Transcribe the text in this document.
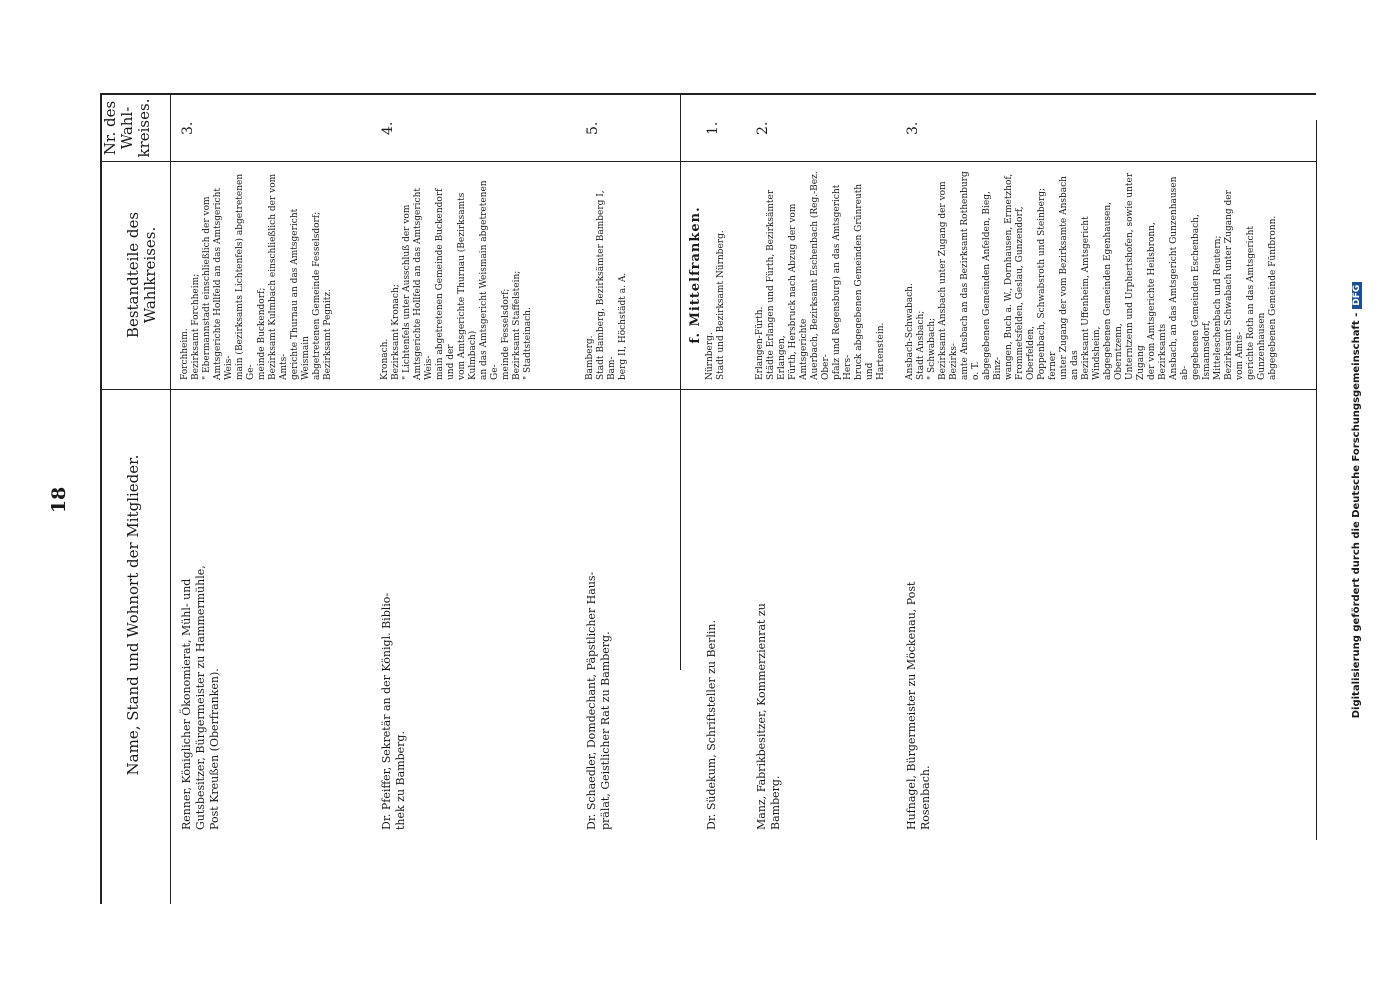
18
Nr. des
Wahl-
kreises.
Bestandteile des Wahlkreises.
Name, Stand und Wohnort der Mitglieder.
f. Mittelfranken.
Digitalisierung gefördert durch die Deutsche Forschungsgemeinschaft -DFG
3.
Forchheim.
Bezirksamt Forchheim;
" Ebermannstadt einschließlich der vom
Amtsgerichte Hollfeld an das Amtsgericht Weis-
main (Bezirksamts Lichtenfels) abgetretenen Ge-
meinde Buckendorf;
Bezirksamt Kulmbach einschließlich der vom Amts-
gerichte Thurnau an das Amtsgericht Weismain
abgetretenen Gemeinde Fesselsdorf;
Bezirksamt Pegnitz.
Renner, Königlicher Ökonomierat, Mühl- und
Gutsbesitzer, Bürgermeister zu Hammermühle,
Post Kreußen (Oberfranken).
4.
Kronach.
Bezirksamt Kronach;
" Lichtenfels unter Ausschluß der vom
Amtsgerichte Hollfeld an das Amtsgericht Weis-
main abgetretenen Gemeinde Buckendorf und der
vom Amtsgerichte Thurnau (Bezirksamts Kulmbach)
an das Amtsgericht Weismain abgetretenen Ge-
meinde Fesselsdorf;
Bezirksamt Staffelstein;
" Stadtsteinach.
Dr. Pfeiffer, Sekretär an der Königl. Biblio-
thek zu Bamberg.
5.
Bamberg.
Stadt Bamberg, Bezirksämter Bamberg I, Bam-
berg II, Höchstädt a. A.
Dr. Schaedler, Domdechant, Päpstlicher Haus-
prälat, Geistlicher Rat zu Bamberg.
1.
Nürnberg.
Stadt und Bezirksamt Nürnberg.
Dr. Südekum, Schriftsteller zu Berlin.
2.
Erlangen-Fürth.
Städte Erlangen und Fürth, Bezirksämter Erlangen,
Fürth, Hersbruck nach Abzug der vom Amtsgerichte
Auerbach, Bezirksamt Eschenbach (Reg.-Bez. Ober-
pfalz und Regensburg) an das Amtsgericht Hers-
bruck abgegebenen Gemeinden Grünreuth und
Hartenstein.
Manz, Fabrikbesitzer, Kommerzienrat zu
Bamberg.
3.
Ansbach-Schwabach.
Stadt Ansbach;
" Schwabach;
Bezirksamt Ansbach unter Zugang der vom Bezirks-
amte Ansbach an das Bezirksamt Rothenburg o. T.
abgegebenen Gemeinden Anfelden, Bieg, Binz-
wangen, Buch a. W., Dornhausen, Ermetzhof,
Frommetsfelden, Geslau, Gunzendorf, Oberfelden,
Poppenbach, Schwabsroth und Steinberg; ferner
unter Zugang der vom Bezirksamte Ansbach an das
Bezirksamt Uffenheim, Amtsgericht Windsheim,
abgegebenen Gemeinden Egenhausen, Oberntzenn,
Unterntzenn und Urphertshofen, sowie unter Zugang
der vom Amtsgerichte Heilsbronn, Bezirksamts
Ansbach, an das Amtsgericht Gunzenhausen ab-
gegebenen Gemeinden Eschenbach, Ismannsdorf,
Mitteleschenbach und Reutern;
Bezirksamt Schwabach unter Zugang der vom Amts-
gerichte Roth an das Amtsgericht Gunzenhausen
abgegebenen Gemeinde Fünfbronn.
Hufnagel, Bürgermeister zu Möckenau, Post
Rosenbach.
